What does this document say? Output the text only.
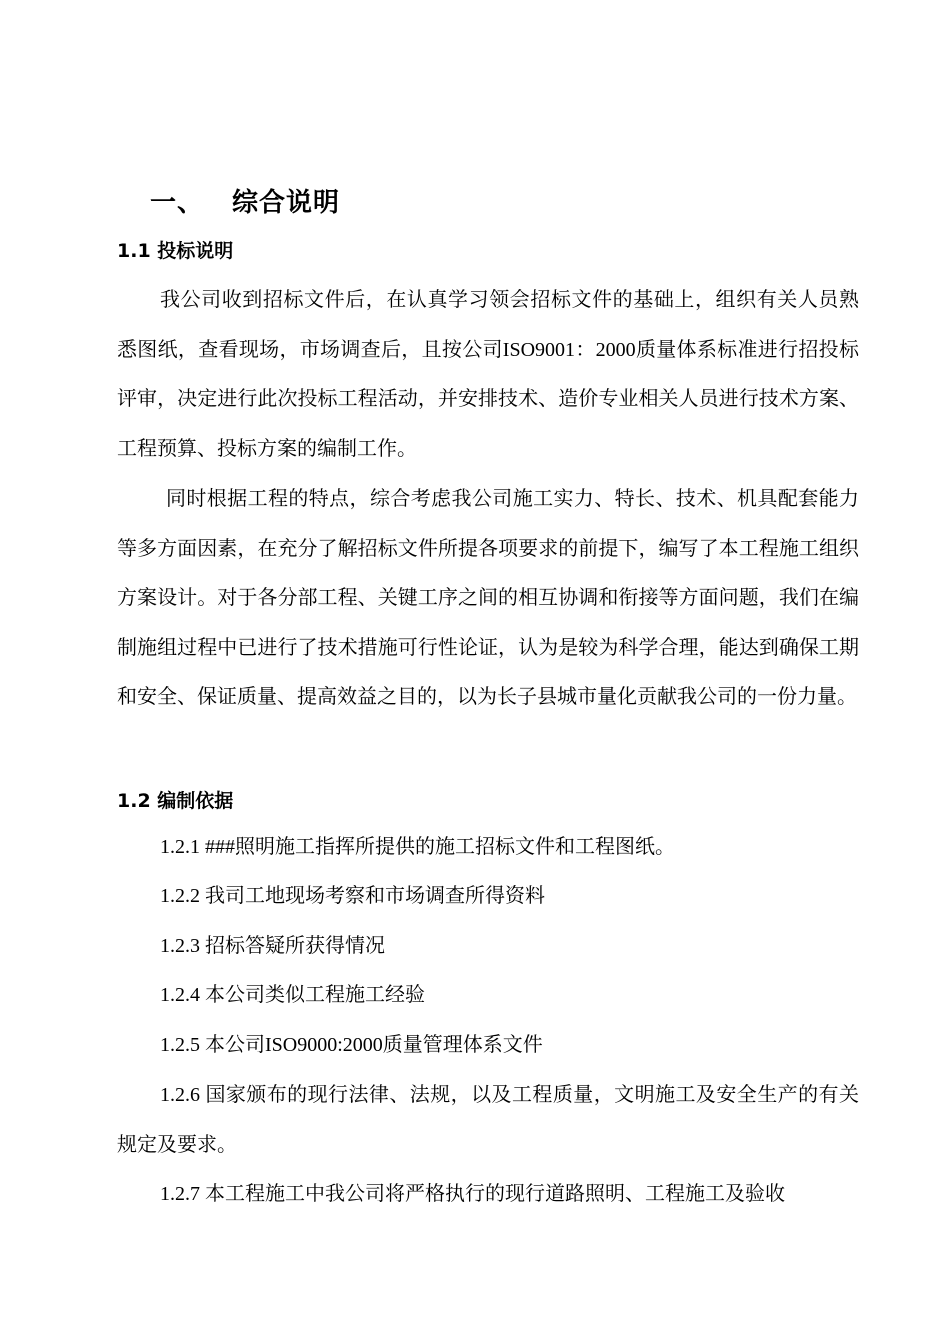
一、 综合说明
1.1 投标说明

我公司收到招标文件后，在认真学习领会招标文件的基础上，组织有关人员熟悉图纸，查看现场，市场调查后，且按公司ISO9001：2000质量体系标准进行招投标评审，决定进行此次投标工程活动，并安排技术、造价专业相关人员进行技术方案、工程预算、投标方案的编制工作。

同时根据工程的特点，综合考虑我公司施工实力、特长、技术、机具配套能力等多方面因素，在充分了解招标文件所提各项要求的前提下，编写了本工程施工组织方案设计。对于各分部工程、关键工序之间的相互协调和衔接等方面问题，我们在编制施组过程中已进行了技术措施可行性论证，认为是较为科学合理，能达到确保工期和安全、保证质量、提高效益之目的，以为长子县城市量化贡献我公司的一份力量。

1.2 编制依据
1.2.1 ###照明施工指挥所提供的施工招标文件和工程图纸。
1.2.2 我司工地现场考察和市场调查所得资料
1.2.3 招标答疑所获得情况
1.2.4 本公司类似工程施工经验
1.2.5 本公司ISO9000:2000质量管理体系文件

1.2.6 国家颁布的现行法律、法规，以及工程质量，文明施工及安全生产的有关规定及要求。

1.2.7 本工程施工中我公司将严格执行的现行道路照明、工程施工及验收
